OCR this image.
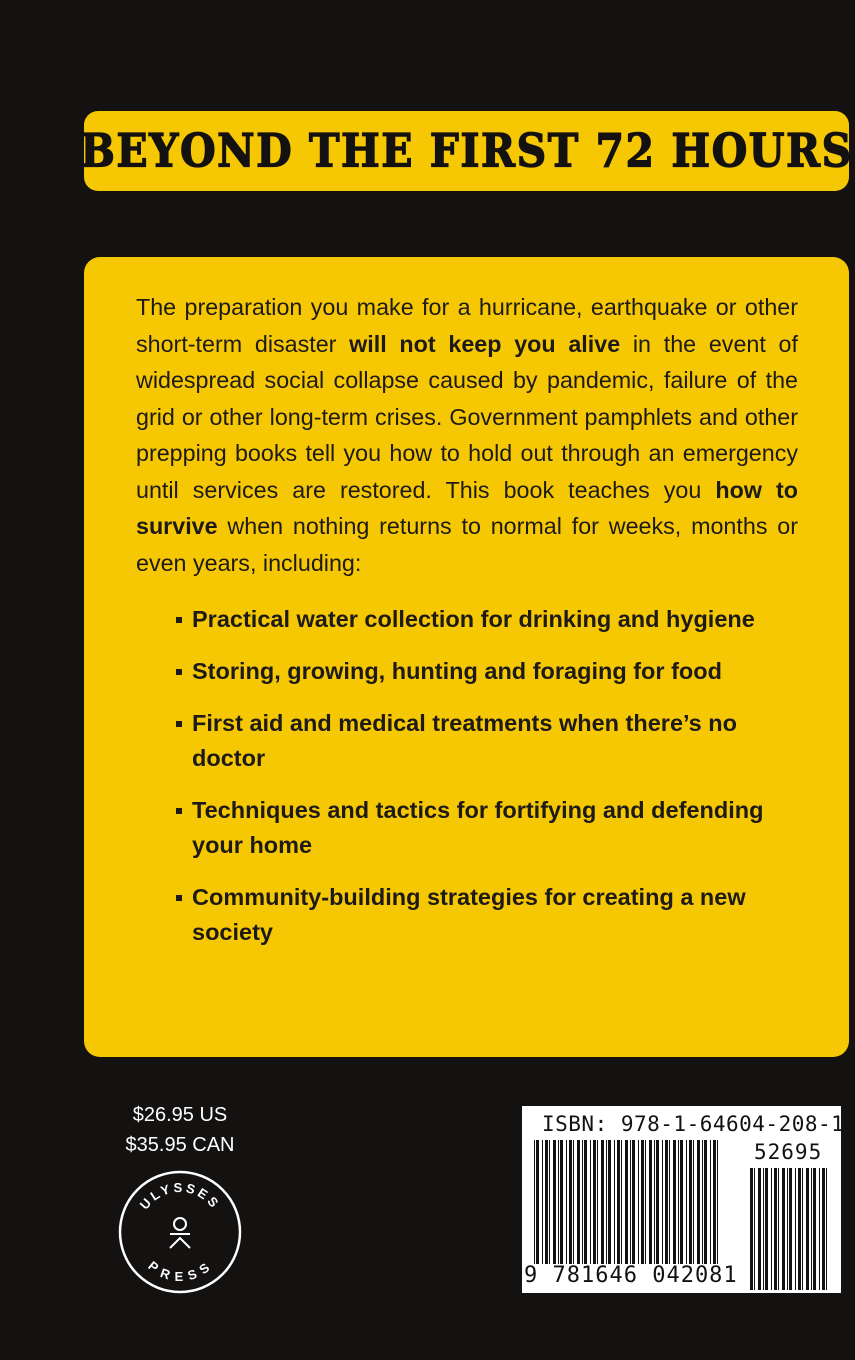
BEYOND THE FIRST 72 HOURS

The preparation you make for a hurricane, earthquake or other short-term disaster will not keep you alive in the event of widespread social collapse caused by pandemic, failure of the grid or other long-term crises. Government pamphlets and other prepping books tell you how to hold out through an emergency until services are restored. This book teaches you how to survive when nothing returns to normal for weeks, months or even years, including:

Practical water collection for drinking and hygiene
Storing, growing, hunting and foraging for food
First aid and medical treatments when there’s no doctor
Techniques and tactics for fortifying and defending your home
Community-building strategies for creating a new society
$26.95 US
$35.95 CAN
ULYSSES
PRESS
ISBN: 978-1-64604-208-1
52695
9 781646 042081
